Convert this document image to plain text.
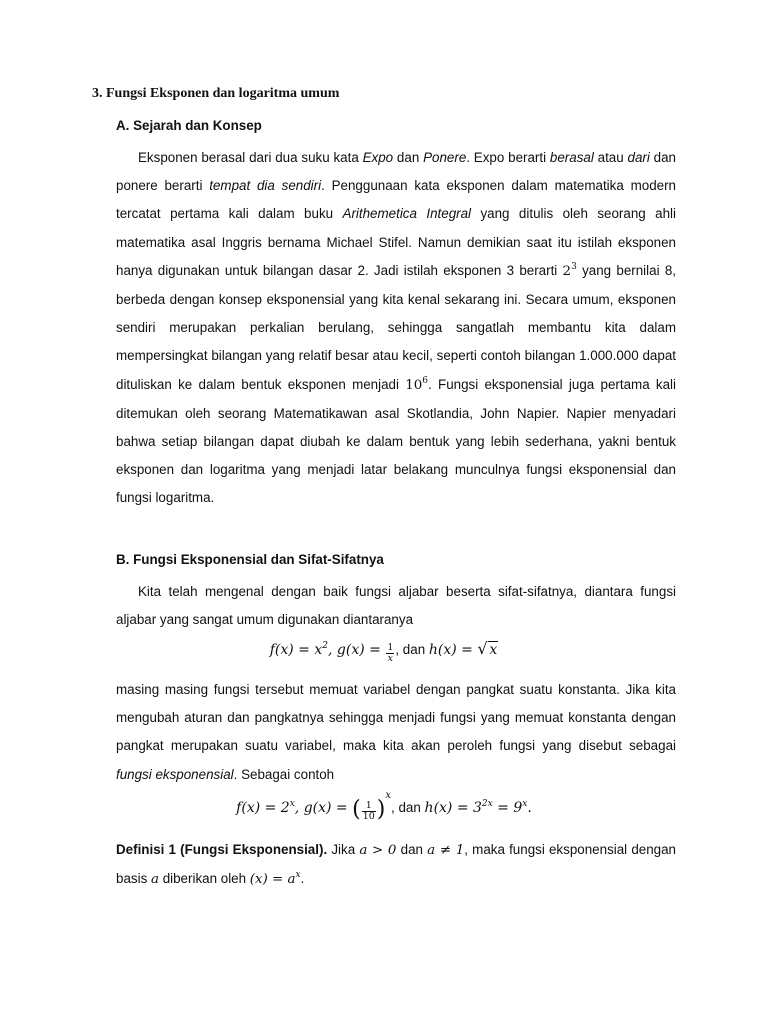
3. Fungsi Eksponen dan logaritma umum
A. Sejarah dan Konsep

Eksponen berasal dari dua suku kata Expo dan Ponere. Expo berarti berasal atau dari dan ponere berarti tempat dia sendiri. Penggunaan kata eksponen dalam matematika modern tercatat pertama kali dalam buku Arithemetica Integral yang ditulis oleh seorang ahli matematika asal Inggris bernama Michael Stifel. Namun demikian saat itu istilah eksponen hanya digunakan untuk bilangan dasar 2. Jadi istilah eksponen 3 berarti $2^3$ yang bernilai 8, berbeda dengan konsep eksponensial yang kita kenal sekarang ini. Secara umum, eksponen sendiri merupakan perkalian berulang, sehingga sangatlah membantu kita dalam mempersingkat bilangan yang relatif besar atau kecil, seperti contoh bilangan 1.000.000 dapat dituliskan ke dalam bentuk eksponen menjadi $10^6$. Fungsi eksponensial juga pertama kali ditemukan oleh seorang Matematikawan asal Skotlandia, John Napier. Napier menyadari bahwa setiap bilangan dapat diubah ke dalam bentuk yang lebih sederhana, yakni bentuk eksponen dan logaritma yang menjadi latar belakang munculnya fungsi eksponensial dan fungsi logaritma.

B. Fungsi Eksponensial dan Sifat-Sifatnya

Kita telah mengenal dengan baik fungsi aljabar beserta sifat-sifatnya, diantara fungsi aljabar yang sangat umum digunakan diantaranya

$f(x) = x^2$, $g(x) = \frac{1}{x}$ , dan h(x) = √ x

masing masing fungsi tersebut memuat variabel dengan pangkat suatu konstanta. Jika kita mengubah aturan dan pangkatnya sehingga menjadi fungsi yang memuat konstanta dengan pangkat merupakan suatu variabel, maka kita akan peroleh fungsi yang disebut sebagai fungsi eksponensial. Sebagai contoh

$f(x) = 2^x$, g(x) = ( $\frac{1}{10} )^x$, dan $h(x) = 3^{2x} = 9^x$.

Definisi 1 (Fungsi Eksponensial). Jika a > 0 dan a ≠ 1, maka fungsi eksponensial dengan basis a diberikan oleh $(x) = a^x$.
